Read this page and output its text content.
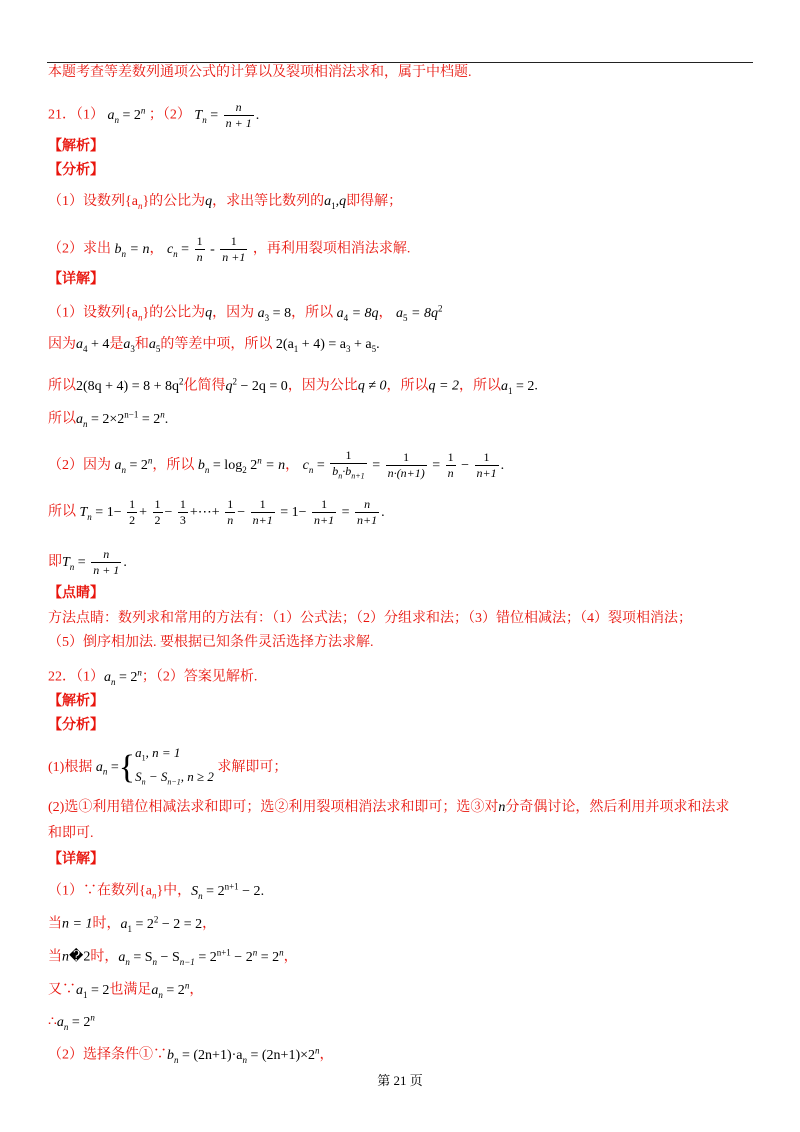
本题考查等差数列通项公式的计算以及裂项相消法求和，属于中档题.
21．（1） $a_n = 2^n$ ；（2） $T_n = \frac{n}{n + 1}$ .
【解析】
【分析】
（1）设数列$\{a_n\}$的公比为q，求出等比数列的$a_1,q$即得解；
（2）求出 $b_n = n$， $c_n = \frac{1}{n} - \frac{1}{n +1}$ ，再利用裂项相消法求解.
【详解】
（1）设数列$\{a_n\}$的公比为q，因为 $a_3 = 8$，所以 $a_4 = 8q$， $a_5 = 8q^2$
因为$a_4 + 4$是$a_3$和$a_5$的等差中项，所以 $2(a_1 + 4) = a_3 + a_5$.
所以$2(8q + 4) = 8 + 8q^2$化简得$q^2 - 2q = 0$，因为公比q ≠ 0，所以q = 2，所以$a_1 = 2$.
所以$a_n = 2\times 2^{n-1} = 2^n$.
（2）因为 $a_n = 2^n$，所以 $b_n = \log_2 2^n = n$， $c_n = \frac{1}{b_n\cdot b_{n+1}} = \frac{1}{n\cdot(n+1)} = \frac{1}{n} - \frac{1}{n+1}$ .
所以 $T_n = 1- \frac{1}{2} + \frac{1}{2} - \frac{1}{3}$ +⋯+ $\frac{1}{n} - \frac{1}{n+1} = 1- \frac{1}{n+1} = \frac{n}{n+1}$ .
即$T_n = \frac{n}{n + 1}$ .
【点睛】
方法点睛：数列求和常用的方法有：（1）公式法；（2）分组求和法；（3）错位相减法；（4）裂项相消法；
（5）倒序相加法. 要根据已知条件灵活选择方法求解.
22．$(1)a_n = 2^n$；（2）答案见解析.
【解析】
【分析】
(1)根据 $a_n$ ={ $a_1$, n = 1
$S_n - S_{n-1}$, n ≥ 2
求解即可；
(2)选①利用错位相减法求和即可；选②利用裂项相消法求和即可；选③对n分奇偶讨论，然后利用并项求和法求
和即可.
【详解】
（1）∵在数列$\{a_n\}$中，$S_n = 2^{n+1} - 2$.
当n = 1时，$a_1 = 2^2 - 2 = 2$，
当n�2时，$a_n = S_n - S_{n-1} = 2^{n+1} - 2^n = 2^n$，
又$\because a_1 = 2$也满足$a_n = 2^n$，
$\therefore a_n = 2^n$
（2）选择条件$①\because b_n = (2n+1)\cdot a_n = (2n+1)\times 2^n$，
第 21 页
